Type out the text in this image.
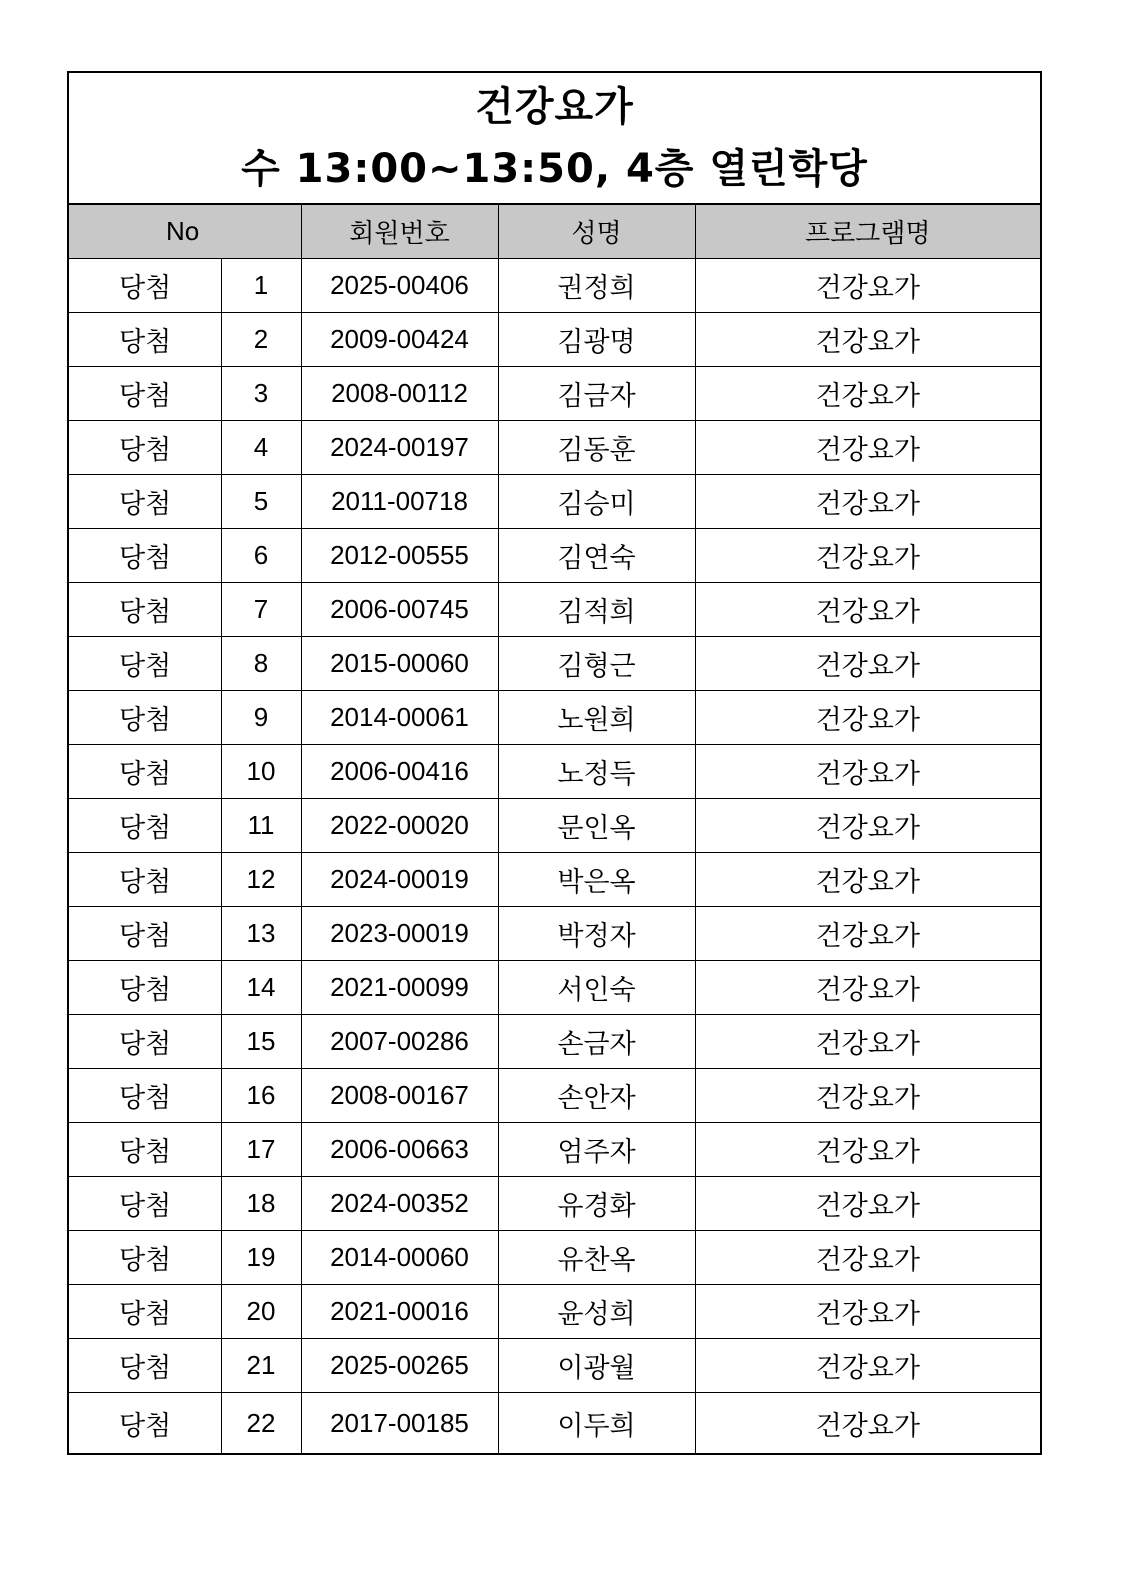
건강요가
수 13:00~13:50, 4층 열린학당
No		회원번호	성명	프로그램명
당첨	1	2025-00406	권정희	건강요가
당첨	2	2009-00424	김광명	건강요가
당첨	3	2008-00112	김금자	건강요가
당첨	4	2024-00197	김동훈	건강요가
당첨	5	2011-00718	김승미	건강요가
당첨	6	2012-00555	김연숙	건강요가
당첨	7	2006-00745	김적희	건강요가
당첨	8	2015-00060	김형근	건강요가
당첨	9	2014-00061	노원희	건강요가
당첨	10	2006-00416	노정득	건강요가
당첨	11	2022-00020	문인옥	건강요가
당첨	12	2024-00019	박은옥	건강요가
당첨	13	2023-00019	박정자	건강요가
당첨	14	2021-00099	서인숙	건강요가
당첨	15	2007-00286	손금자	건강요가
당첨	16	2008-00167	손안자	건강요가
당첨	17	2006-00663	엄주자	건강요가
당첨	18	2024-00352	유경화	건강요가
당첨	19	2014-00060	유찬옥	건강요가
당첨	20	2021-00016	윤성희	건강요가
당첨	21	2025-00265	이광월	건강요가
당첨	22	2017-00185	이두희	건강요가
